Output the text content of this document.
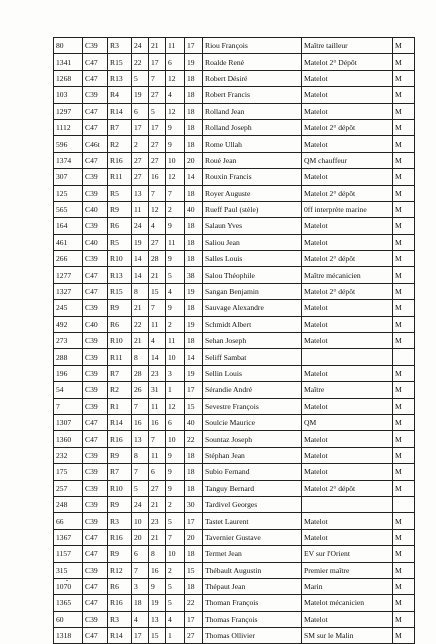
80	C39	R3	24	21	11	17	Riou François	Maître tailleur	M
1341	C47	R15	22	17	6	19	Roalde René	Matelot 2° Dépôt	M
1268	C47	R13	5	7	12	18	Robert Désiré	Matelot	M
103	C39	R4	19	27	4	18	Robert Francis	Matelot	M
1297	C47	R14	6	5	12	18	Rolland Jean	Matelot	M
1112	C47	R7	17	17	9	18	Rolland Joseph	Matelot 2° dépôt	M
596	C46t	R2	2	27	9	18	Rome Ullah	Matelot	M
1374	C47	R16	27	27	10	20	Roué Jean	QM chauffeur	M
307	C39	R11	27	16	12	14	Rouxin Francis	Matelot	M
125	C39	R5	13	7	7	18	Royer Auguste	Matelot 2° dépôt	M
565	C40	R9	11	12	2	40	Rueff Paul (stèle)	0ff interprète marine	M
164	C39	R6	24	4	9	18	Salaun Yves	Matelot	M
461	C40	R5	19	27	11	18	Saliou Jean	Matelot	M
266	C39	R10	14	28	9	18	Salles Louis	Matelot 2° dépôt	M
1277	C47	R13	14	21	5	38	Salou Théophile	Maître mécanicien	M
1327	C47	R15	8	15	4	19	Sangan Benjamin	Matelot 2° dépôt	M
245	C39	R9	21	7	9	18	Sauvage Alexandre	Matelot	M
492	C40	R6	22	11	2	19	Schmidt Albert	Matelot	M
273	C39	R10	21	4	11	18	Sehan Joseph	Matelot	M
288	C39	R11	8	14	10	14	Seliff Sambat		
196	C39	R7	28	23	3	19	Sellin Louis	Matelot	M
54	C39	R2	26	31	1	17	Sérandie André	Maître	M
7	C39	R1	7	11	12	15	Sevestre François	Matelot	M
1307	C47	R14	16	16	6	40	Soulcie Maurice	QM	M
1360	C47	R16	13	7	10	22	Sountaz Joseph	Matelot	M
232	C39	R9	8	11	9	18	Stéphan Jean	Matelot	M
175	C39	R7	7	6	9	18	Subio Fernand	Matelot	M
257	C39	R10	5	27	9	18	Tanguy Bernard	Matelot 2° dépôt	M
248	C39	R9	24	21	2	30	Tardivel Georges		
66	C39	R3	10	23	5	17	Tastet Laurent	Matelot	M
1367	C47	R16	20	21	7	20	Tavernier Gustave	Matelot	M
1157	C47	R9	6	8	10	18	Termet Jean	EV sur l'Orient	M
315	C39	R12	7	16	2	15	Thébault Augustin	Premier maître	M
1070	C47	R6	3	9	5	18	Thépaut Jean	Marin	M
1365	C47	R16	18	19	5	22	Thoman François	Matelot mécanicien	M
60	C39	R3	4	13	4	17	Thomas François	Matelot	M
1318	C47	R14	17	15	1	27	Thomas Ollivier	SM sur le Malin	M
